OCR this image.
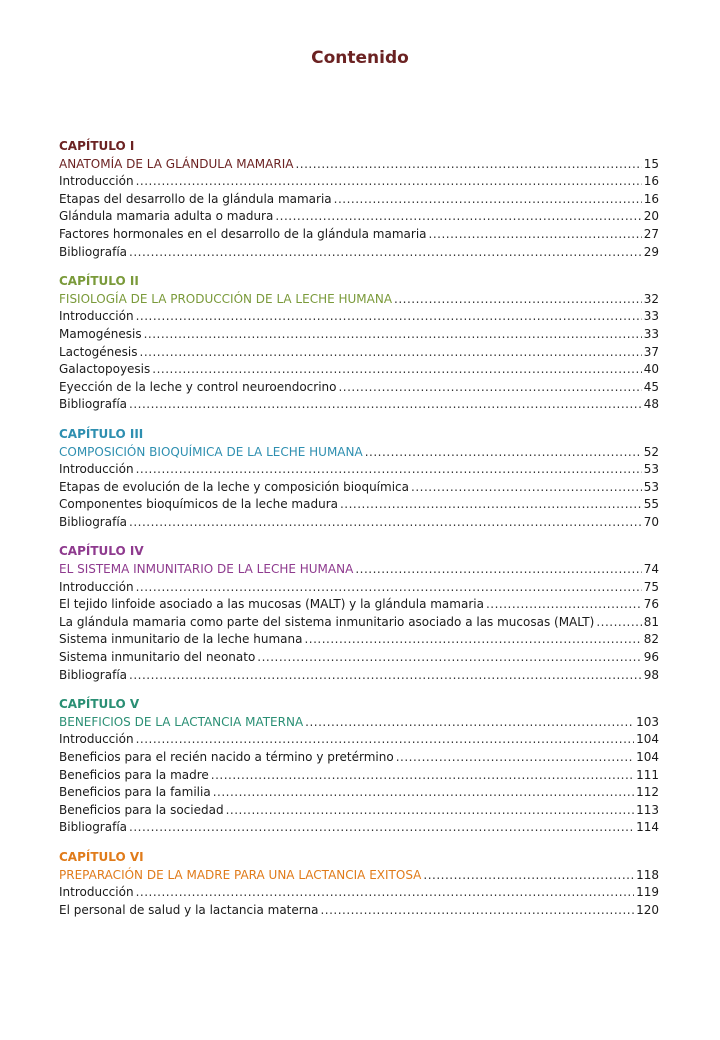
Contenido
CAPÍTULO I
ANATOMÍA DE LA GLÁNDULA MAMARIA .....	15
Introducción .....	16
Etapas del desarrollo de la glándula mamaria .....	16
Glándula mamaria adulta o madura .....	20
Factores hormonales en el desarrollo de la glándula mamaria .....	27
Bibliografía .....	29
CAPÍTULO II
FISIOLOGÍA DE LA PRODUCCIÓN DE LA LECHE HUMANA .....	32
Introducción .....	33
Mamogénesis .....	33
Lactogénesis .....	37
Galactopoyesis .....	40
Eyección de la leche y control neuroendocrino .....	45
Bibliografía .....	48
CAPÍTULO III
COMPOSICIÓN BIOQUÍMICA DE LA LECHE HUMANA .....	52
Introducción .....	53
Etapas de evolución de la leche y composición bioquímica .....	53
Componentes bioquímicos de la leche madura .....	55
Bibliografía .....	70
CAPÍTULO IV
EL SISTEMA INMUNITARIO DE LA LECHE HUMANA .....	74
Introducción .....	75
El tejido linfoide asociado a las mucosas (MALT) y la glándula mamaria .....	76
La glándula mamaria como parte del sistema inmunitario asociado a las mucosas (MALT) .....	81
Sistema inmunitario de la leche humana .....	82
Sistema inmunitario del neonato .....	96
Bibliografía .....	98
CAPÍTULO V
BENEFICIOS DE LA LACTANCIA MATERNA .....	103
Introducción .....	104
Beneficios para el recién nacido a término y pretérmino .....	104
Beneficios para la madre .....	111
Beneficios para la familia .....	112
Beneficios para la sociedad .....	113
Bibliografía .....	114
CAPÍTULO VI
PREPARACIÓN DE LA MADRE PARA UNA LACTANCIA EXITOSA .....	118
Introducción .....	119
El personal de salud y la lactancia materna .....	120
